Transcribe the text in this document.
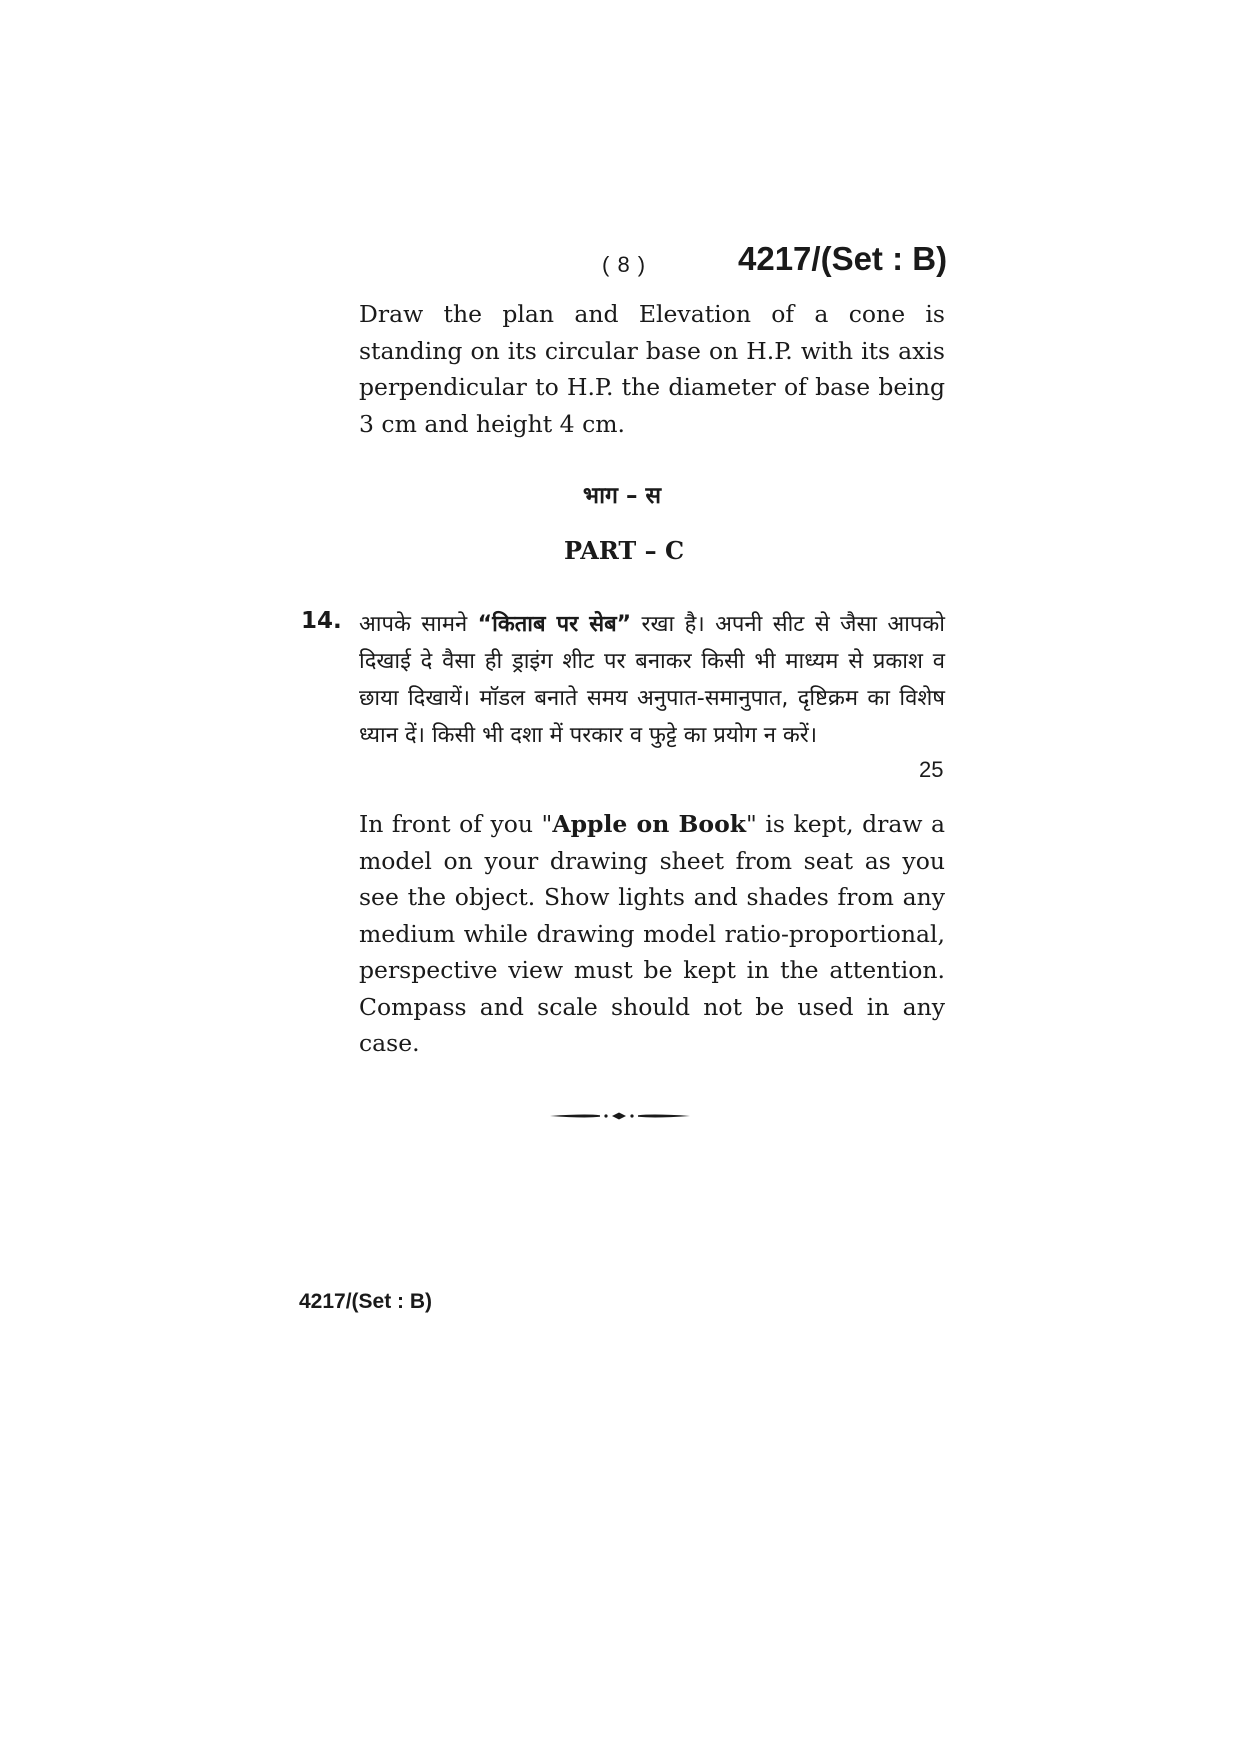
( 8 )	4217/(Set : B)
Draw the plan and Elevation of a cone is standing on its circular base on H.P. with its axis perpendicular to H.P. the diameter of base being 3 cm and height 4 cm.
भाग – स
PART – C
14. आपके सामने “किताब पर सेब” रखा है। अपनी सीट से जैसा आपको दिखाई दे वैसा ही ड्राइंग शीट पर बनाकर किसी भी माध्यम से प्रकाश व छाया दिखायें। मॉडल बनाते समय अनुपात-समानुपात, दृष्टिक्रम का विशेष ध्यान दें। किसी भी दशा में परकार व फुट्टे का प्रयोग न करें।
25
In front of you "Apple on Book" is kept, draw a model on your drawing sheet from seat as you see the object. Show lights and shades from any medium while drawing model ratio-proportional, perspective view must be kept in the attention. Compass and scale should not be used in any case.
4217/(Set : B)
